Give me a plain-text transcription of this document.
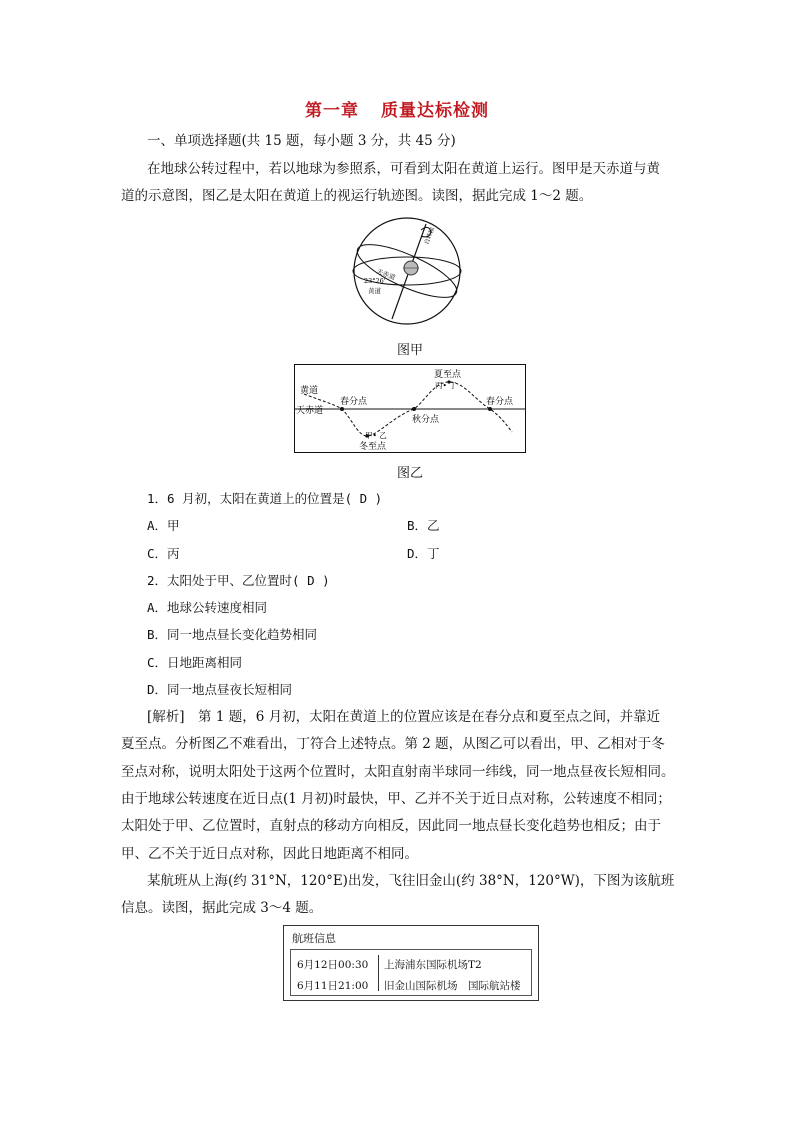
第一章 质量达标检测
一、单项选择题(共 15 题，每小题 3 分，共 45 分)
在地球公转过程中，若以地球为参照系，可看到太阳在黄道上运行。图甲是天赤道与黄
道的示意图，图乙是太阳在黄道上的视运行轨迹图。读图，据此完成 1～2 题。
自转轴
天赤道
23°26'
黄道
图甲
黄道
天赤道
春分点
夏至点
丙• 丁
秋分点
春分点
甲• 乙
冬至点
图乙
1．6 月初，太阳在黄道上的位置是( D )
A．甲	B．乙
C．丙	D．丁
2．太阳处于甲、乙位置时( D )
A．地球公转速度相同
B．同一地点昼长变化趋势相同
C．日地距离相同
D．同一地点昼夜长短相同
[解析]　第 1 题，6 月初，太阳在黄道上的位置应该是在春分点和夏至点之间，并靠近
夏至点。分析图乙不难看出，丁符合上述特点。第 2 题，从图乙可以看出，甲、乙相对于冬
至点对称，说明太阳处于这两个位置时，太阳直射南半球同一纬线，同一地点昼夜长短相同。
由于地球公转速度在近日点(1 月初)时最快，甲、乙并不关于近日点对称，公转速度不相同；
太阳处于甲、乙位置时，直射点的移动方向相反，因此同一地点昼长变化趋势也相反；由于
甲、乙不关于近日点对称，因此日地距离不相同。
某航班从上海(约 31°N，120°E)出发，飞往旧金山(约 38°N，120°W)，下图为该航班
信息。读图，据此完成 3～4 题。
航班信息
6月12日00:30 上海浦东国际机场T2
6月11日21:00 旧金山国际机场　国际航站楼
